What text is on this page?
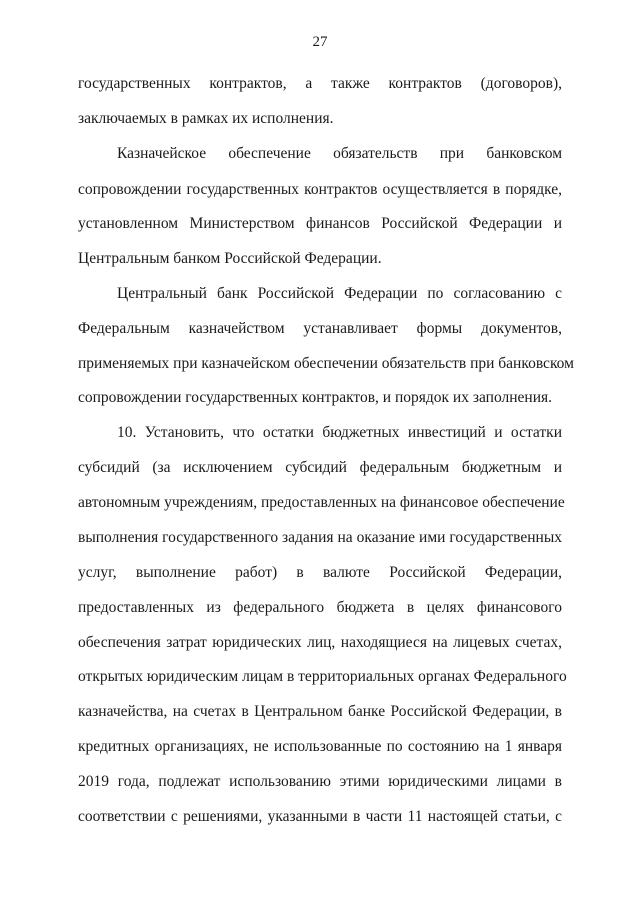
27
государственных контрактов, а также контрактов (договоров),
заключаемых в рамках их исполнения.
Казначейское обеспечение обязательств при банковском
сопровождении государственных контрактов осуществляется в порядке,
установленном Министерством финансов Российской Федерации и
Центральным банком Российской Федерации.
Центральный банк Российской Федерации по согласованию с
Федеральным казначейством устанавливает формы документов,
применяемых при казначейском обеспечении обязательств при банковском
сопровождении государственных контрактов, и порядок их заполнения.
10. Установить, что остатки бюджетных инвестиций и остатки
субсидий (за исключением субсидий федеральным бюджетным и
автономным учреждениям, предоставленных на финансовое обеспечение
выполнения государственного задания на оказание ими государственных
услуг, выполнение работ) в валюте Российской Федерации,
предоставленных из федерального бюджета в целях финансового
обеспечения затрат юридических лиц, находящиеся на лицевых счетах,
открытых юридическим лицам в территориальных органах Федерального
казначейства, на счетах в Центральном банке Российской Федерации, в
кредитных организациях, не использованные по состоянию на 1 января
2019 года, подлежат использованию этими юридическими лицами в
соответствии с решениями, указанными в части 11 настоящей статьи, с
